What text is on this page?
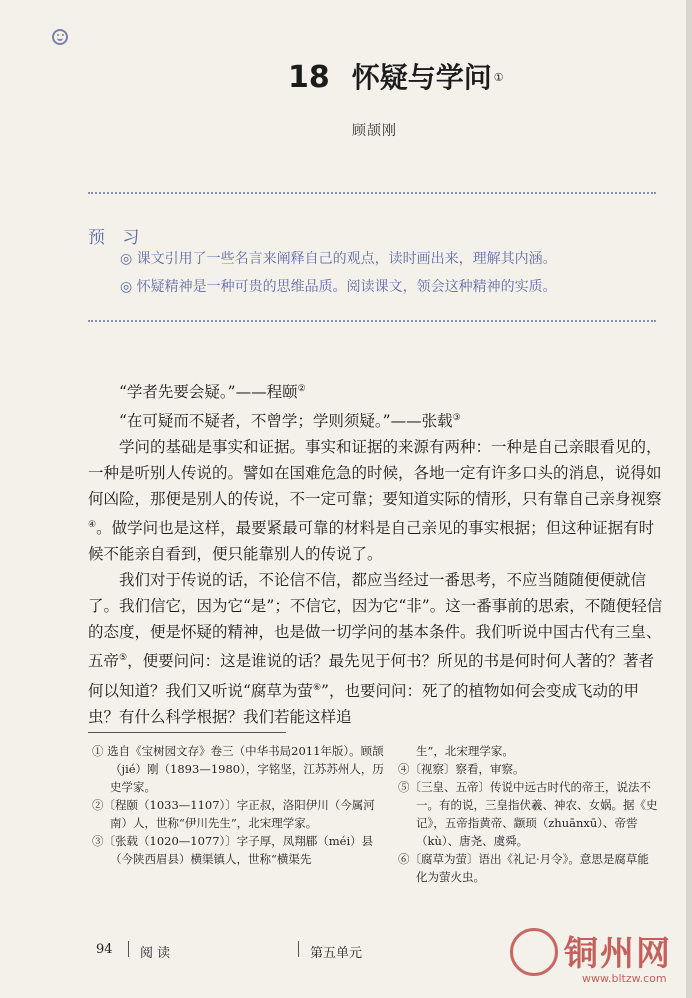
18 怀疑与学问 ①
顾颉刚
预 习
◎ 课文引用了一些名言来阐释自己的观点，读时画出来，理解其内涵。
◎ 怀疑精神是一种可贵的思维品质。阅读课文，领会这种精神的实质。

“学者先要会疑。”——程颐②

“在可疑而不疑者，不曾学；学则须疑。”——张载③

学问的基础是事实和证据。事实和证据的来源有两种：一种是自己亲眼看见的，一种是听别人传说的。譬如在国难危急的时候，各地一定有许多口头的消息，说得如何凶险，那便是别人的传说，不一定可靠；要知道实际的情形，只有靠自己亲身视察④。做学问也是这样，最要紧最可靠的材料是自己亲见的事实根据；但这种证据有时候不能亲自看到，便只能靠别人的传说了。

我们对于传说的话，不论信不信，都应当经过一番思考，不应当随随便便就信了。我们信它，因为它“是”；不信它，因为它“非”。这一番事前的思索，不随便轻信的态度，便是怀疑的精神，也是做一切学问的基本条件。我们听说中国古代有三皇、五帝⑤，便要问问：这是谁说的话？最先见于何书？所见的书是何时何人著的？著者何以知道？我们又听说“腐草为萤⑥”，也要问问：死了的植物如何会变成飞动的甲虫？有什么科学根据？我们若能这样追

① 选自《宝树园文存》卷三（中华书局2011年版）。顾颉（jié）刚（1893—1980），字铭坚，江苏苏州人，历史学家。
②〔程颐（1033—1107）〕字正叔，洛阳伊川（今属河南）人，世称“伊川先生”，北宋理学家。
③〔张载（1020—1077）〕字子厚，凤翔郿（méi）县（今陕西眉县）横渠镇人，世称“横渠先
生”，北宋理学家。
④〔视察〕察看，审察。
⑤〔三皇、五帝〕传说中远古时代的帝王，说法不一。有的说，三皇指伏羲、神农、女娲。据《史记》，五帝指黄帝、颛顼（zhuānxū）、帝喾（kù）、唐尧、虞舜。
⑥〔腐草为萤〕语出《礼记·月令》。意思是腐草能化为萤火虫。
94 阅 读	第五单元	铜州网
www.bltzw.com
